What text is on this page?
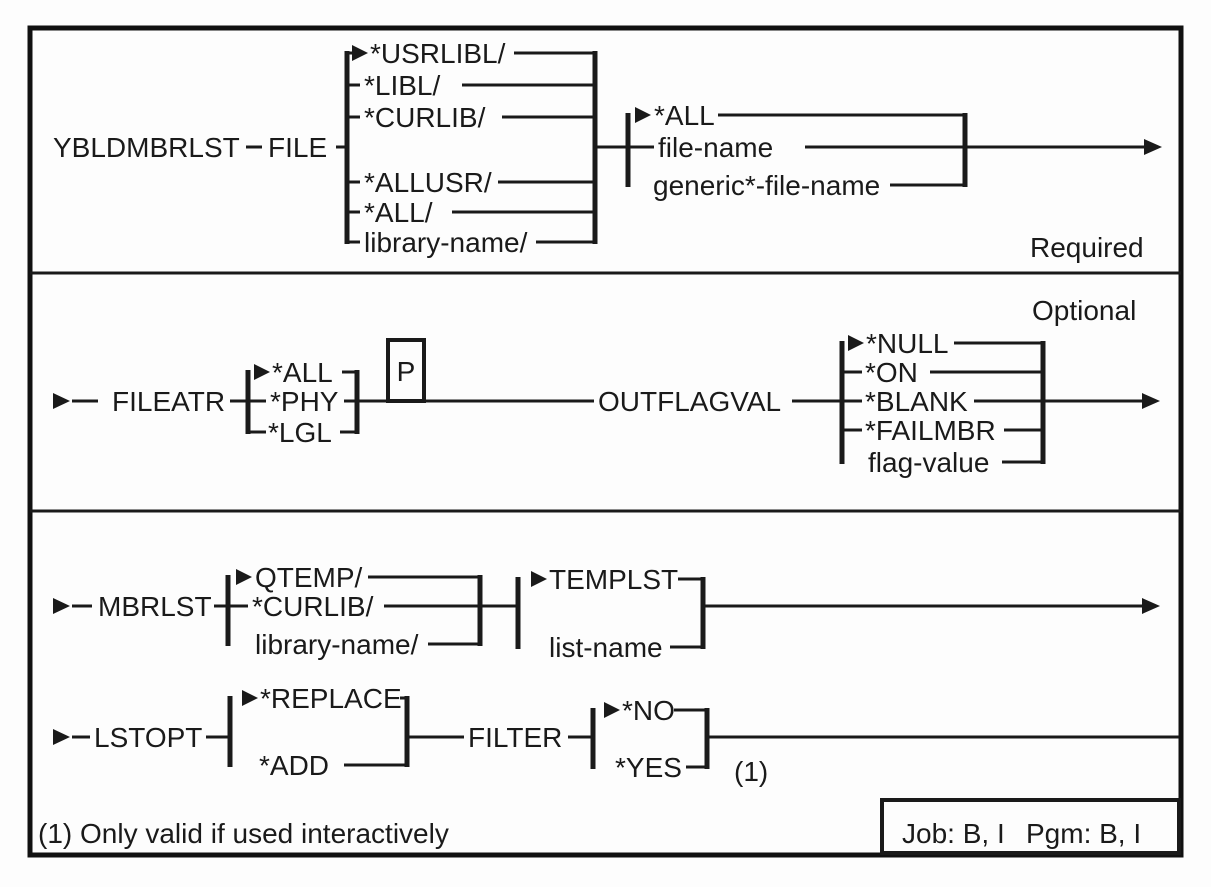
YBLDMBRLST FILE
*USRLIBL/
*LIBL/
*CURLIB/
*ALLUSR/
*ALL/
library-name/
*ALL
file-name
generic*-file-name
Required
FILEATR
*ALL
*PHY
*LGL
P
OUTFLAGVAL
*NULL
*ON
*BLANK
*FAILMBR
flag-value
Optional
MBRLST
QTEMP/
*CURLIB/
library-name/
TEMPLST
list-name
LSTOPT
*REPLACE
*ADD
FILTER
*NO
*YES (1)
(1) Only valid if used interactively	Job: B, I Pgm: B, I
